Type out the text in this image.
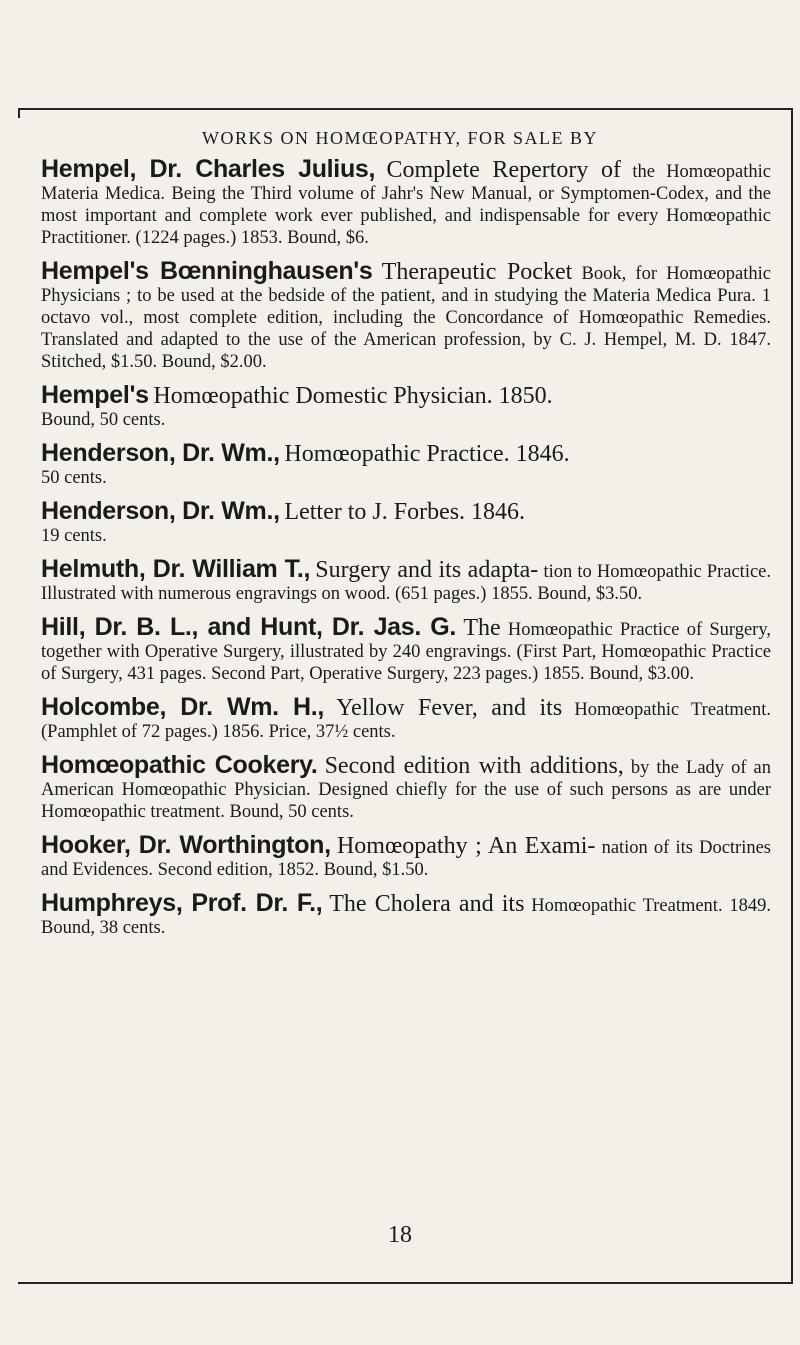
WORKS ON HOMŒOPATHY, FOR SALE BY
Hempel, Dr. Charles Julius, Complete Repertory of the Homœopathic Materia Medica. Being the Third volume of Jahr's New Manual, or Symptomen-Codex, and the most important and complete work ever published, and indispensable for every Homœopathic Practitioner. (1224 pages.) 1853. Bound, $6.
Hempel's Bœnninghausen's Therapeutic Pocket Book, for Homœopathic Physicians ; to be used at the bedside of the patient, and in studying the Materia Medica Pura. 1 octavo vol., most complete edition, including the Concordance of Homœopathic Remedies. Translated and adapted to the use of the American profession, by C. J. Hempel, M. D. 1847. Stitched, $1.50. Bound, $2.00.
Hempel's Homœopathic Domestic Physician. 1850.
Bound, 50 cents.
Henderson, Dr. Wm., Homœopathic Practice. 1846.
50 cents.
Henderson, Dr. Wm., Letter to J. Forbes. 1846.
19 cents.
Helmuth, Dr. William T., Surgery and its adapta- tion to Homœopathic Practice. Illustrated with numerous engravings on wood. (651 pages.) 1855. Bound, $3.50.
Hill, Dr. B. L., and Hunt, Dr. Jas. G. The Homœopathic Practice of Surgery, together with Operative Surgery, illustrated by 240 engravings. (First Part, Homœopathic Practice of Surgery, 431 pages. Second Part, Operative Surgery, 223 pages.) 1855. Bound, $3.00.
Holcombe, Dr. Wm. H., Yellow Fever, and its Homœopathic Treatment. (Pamphlet of 72 pages.) 1856. Price, 37½ cents.
Homœopathic Cookery. Second edition with additions, by the Lady of an American Homœopathic Physician. Designed chiefly for the use of such persons as are under Homœopathic treatment. Bound, 50 cents.
Hooker, Dr. Worthington, Homœopathy ; An Exami- nation of its Doctrines and Evidences. Second edition, 1852. Bound, $1.50.
Humphreys, Prof. Dr. F., The Cholera and its Homœopathic Treatment. 1849. Bound, 38 cents.
18
